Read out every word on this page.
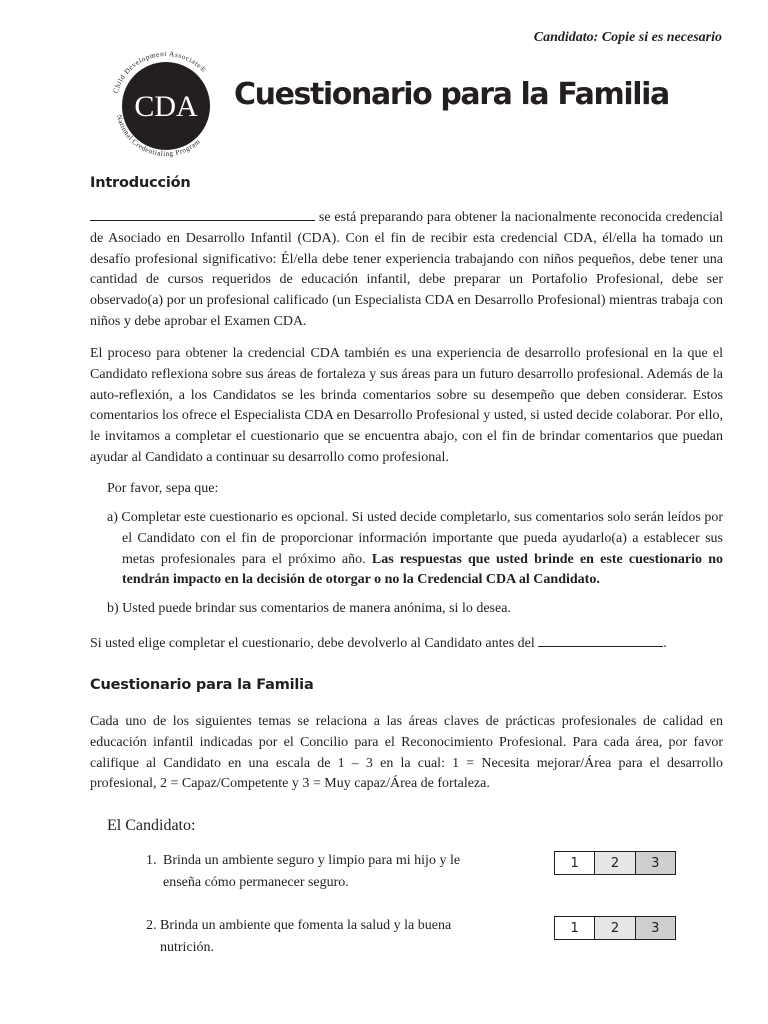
Candidato: Copie si es necesario
CDA
Child Development Associate®
National Credentialing Program
Cuestionario para la Familia
Introducción
se está preparando para obtener la nacionalmente reconocida credencial de Asociado en Desarrollo Infantil (CDA). Con el fin de recibir esta credencial CDA, él/ella ha tomado un desafío profesional significativo: Él/ella debe tener experiencia trabajando con niños pequeños, debe tener una cantidad de cursos requeridos de educación infantil, debe preparar un Portafolio Profesional, debe ser observado(a) por un profesional calificado (un Especialista CDA en Desarrollo Profesional) mientras trabaja con niños y debe aprobar el Examen CDA.
El proceso para obtener la credencial CDA también es una experiencia de desarrollo profesional en la que el Candidato reflexiona sobre sus áreas de fortaleza y sus áreas para un futuro desarrollo profesional. Además de la auto-reflexión, a los Candidatos se les brinda comentarios sobre su desempeño que deben considerar. Estos comentarios los ofrece el Especialista CDA en Desarrollo Profesional y usted, si usted decide colaborar. Por ello, le invitamos a completar el cuestionario que se encuentra abajo, con el fin de brindar comentarios que puedan ayudar al Candidato a continuar su desarrollo como profesional.
Por favor, sepa que:
a) Completar este cuestionario es opcional. Si usted decide completarlo, sus comentarios solo serán leídos por el Candidato con el fin de proporcionar información importante que pueda ayudarlo(a) a establecer sus metas profesionales para el próximo año. Las respuestas que usted brinde en este cuestionario no tendrán impacto en la decisión de otorgar o no la Credencial CDA al Candidato.
b) Usted puede brindar sus comentarios de manera anónima, si lo desea.
Si usted elige completar el cuestionario, debe devolverlo al Candidato antes del	.
Cuestionario para la Familia
Cada uno de los siguientes temas se relaciona a las áreas claves de prácticas profesionales de calidad en educación infantil indicadas por el Concilio para el Reconocimiento Profesional. Para cada área, por favor califique al Candidato en una escala de 1 – 3 en la cual: 1 = Necesita mejorar/Área para el desarrollo profesional, 2 = Capaz/Competente y 3 = Muy capaz/Área de fortaleza.
El Candidato:
1. Brinda un ambiente seguro y limpio para mi hijo y le
enseña cómo permanecer seguro.
1	2	3
2. Brinda un ambiente que fomenta la salud y la buena
nutrición.
1	2	3
